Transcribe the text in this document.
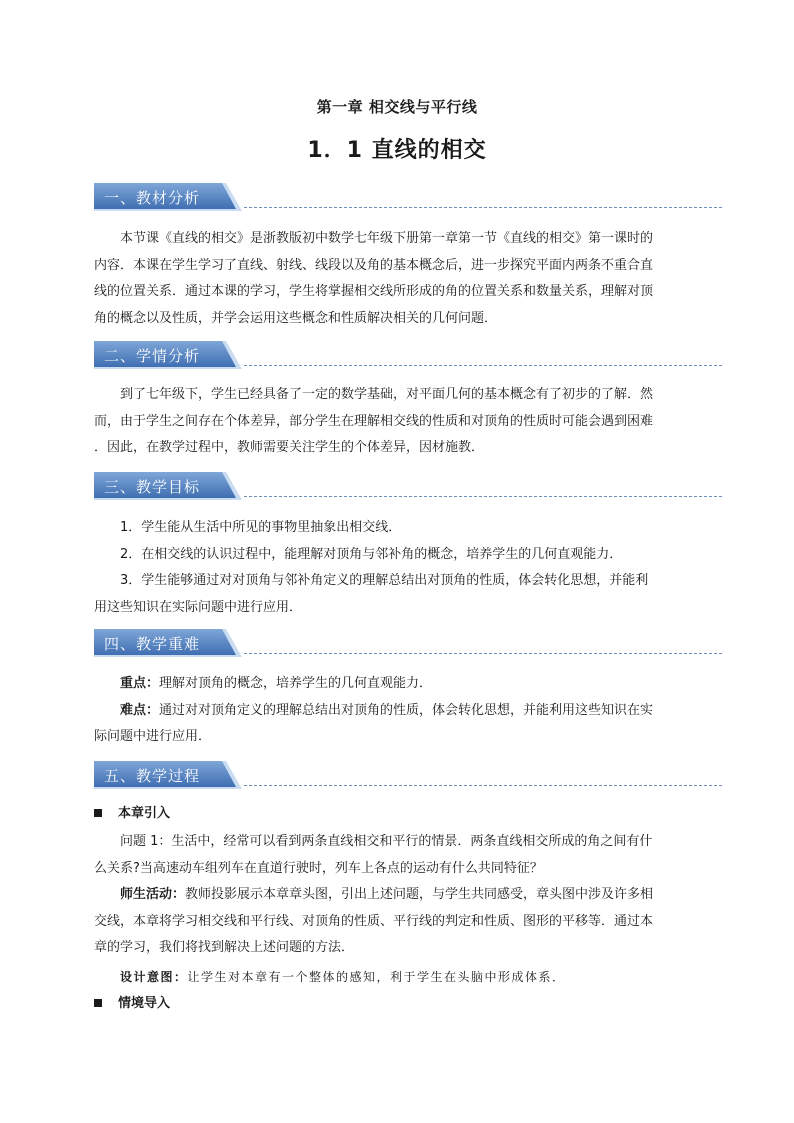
第一章 相交线与平行线
1．1 直线的相交
一、教材分析
本节课《直线的相交》是浙教版初中数学七年级下册第一章第一节《直线的相交》第一课时的
内容．本课在学生学习了直线、射线、线段以及角的基本概念后，进一步探究平面内两条不重合直
线的位置关系．通过本课的学习，学生将掌握相交线所形成的角的位置关系和数量关系，理解对顶
角的概念以及性质，并学会运用这些概念和性质解决相关的几何问题．
二、学情分析
到了七年级下，学生已经具备了一定的数学基础，对平面几何的基本概念有了初步的了解．然
而，由于学生之间存在个体差异，部分学生在理解相交线的性质和对顶角的性质时可能会遇到困难
．因此，在教学过程中，教师需要关注学生的个体差异，因材施教．
三、教学目标
1．学生能从生活中所见的事物里抽象出相交线．
2．在相交线的认识过程中，能理解对顶角与邻补角的概念，培养学生的几何直观能力．
3．学生能够通过对对顶角与邻补角定义的理解总结出对顶角的性质，体会转化思想，并能利
用这些知识在实际问题中进行应用．
四、教学重难
重点：理解对顶角的概念，培养学生的几何直观能力．
难点：通过对对顶角定义的理解总结出对顶角的性质，体会转化思想，并能利用这些知识在实
际问题中进行应用．
五、教学过程
本章引入
问题 1：生活中，经常可以看到两条直线相交和平行的情景．两条直线相交所成的角之间有什
么关系?当高速动车组列车在直道行驶时，列车上各点的运动有什么共同特征？
师生活动：教师投影展示本章章头图，引出上述问题，与学生共同感受，章头图中涉及许多相
交线，本章将学习相交线和平行线、对顶角的性质、平行线的判定和性质、图形的平移等．通过本
章的学习，我们将找到解决上述问题的方法．
设计意图：让学生对本章有一个整体的感知，利于学生在头脑中形成体系．
情境导入
